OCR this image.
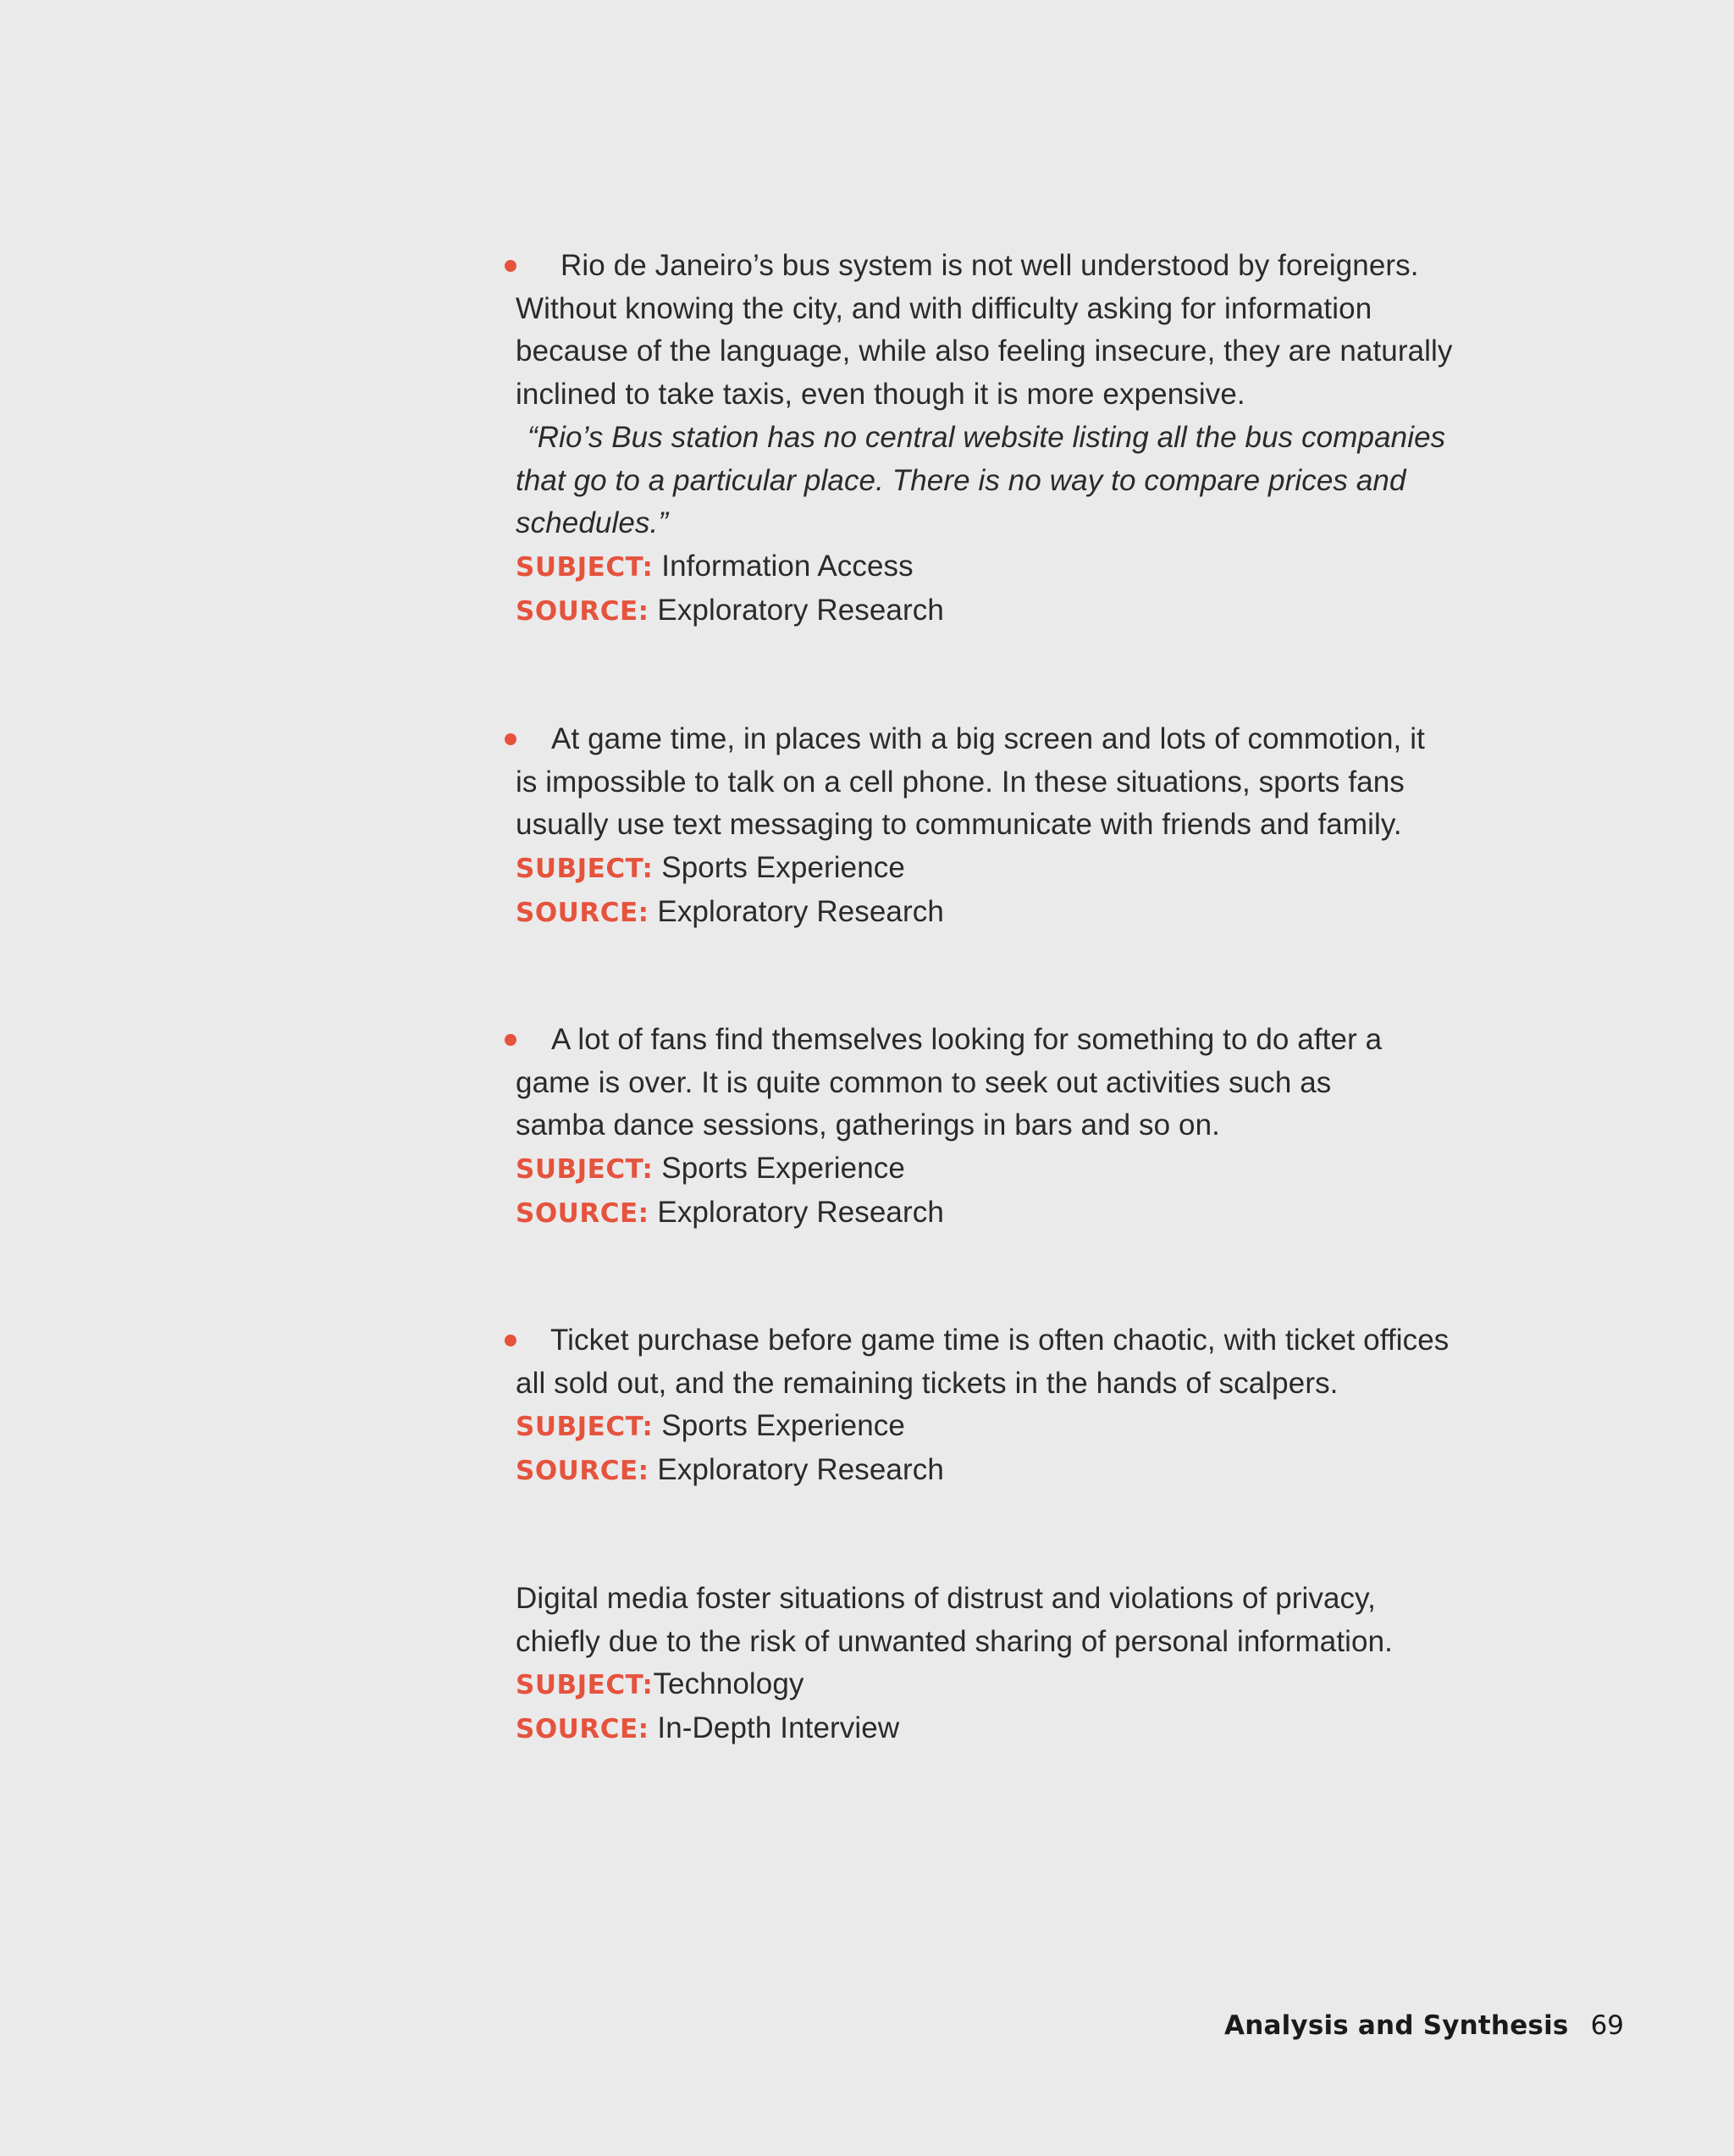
Rio de Janeiro’s bus system is not well understood by foreigners. Without knowing the city, and with difficulty asking for information because of the language, while also feeling insecure, they are naturally inclined to take taxis, even though it is more expensive.
“Rio’s Bus station has no central website listing all the bus companies that go to a particular place. There is no way to compare prices and schedules.”
SUBJECT: Information Access
SOURCE: Exploratory Research
At game time, in places with a big screen and lots of commotion, it is impossible to talk on a cell phone. In these situations, sports fans usually use text messaging to communicate with friends and family.
SUBJECT: Sports Experience
SOURCE: Exploratory Research
A lot of fans find themselves looking for something to do after a game is over. It is quite common to seek out activities such as samba dance sessions, gatherings in bars and so on.
SUBJECT: Sports Experience
SOURCE: Exploratory Research
Ticket purchase before game time is often chaotic, with ticket offices all sold out, and the remaining tickets in the hands of scalpers.
SUBJECT: Sports Experience
SOURCE: Exploratory Research
Digital media foster situations of distrust and violations of privacy, chiefly due to the risk of unwanted sharing of personal information.
SUBJECT:Technology
SOURCE: In-Depth Interview
Analysis and Synthesis 69
